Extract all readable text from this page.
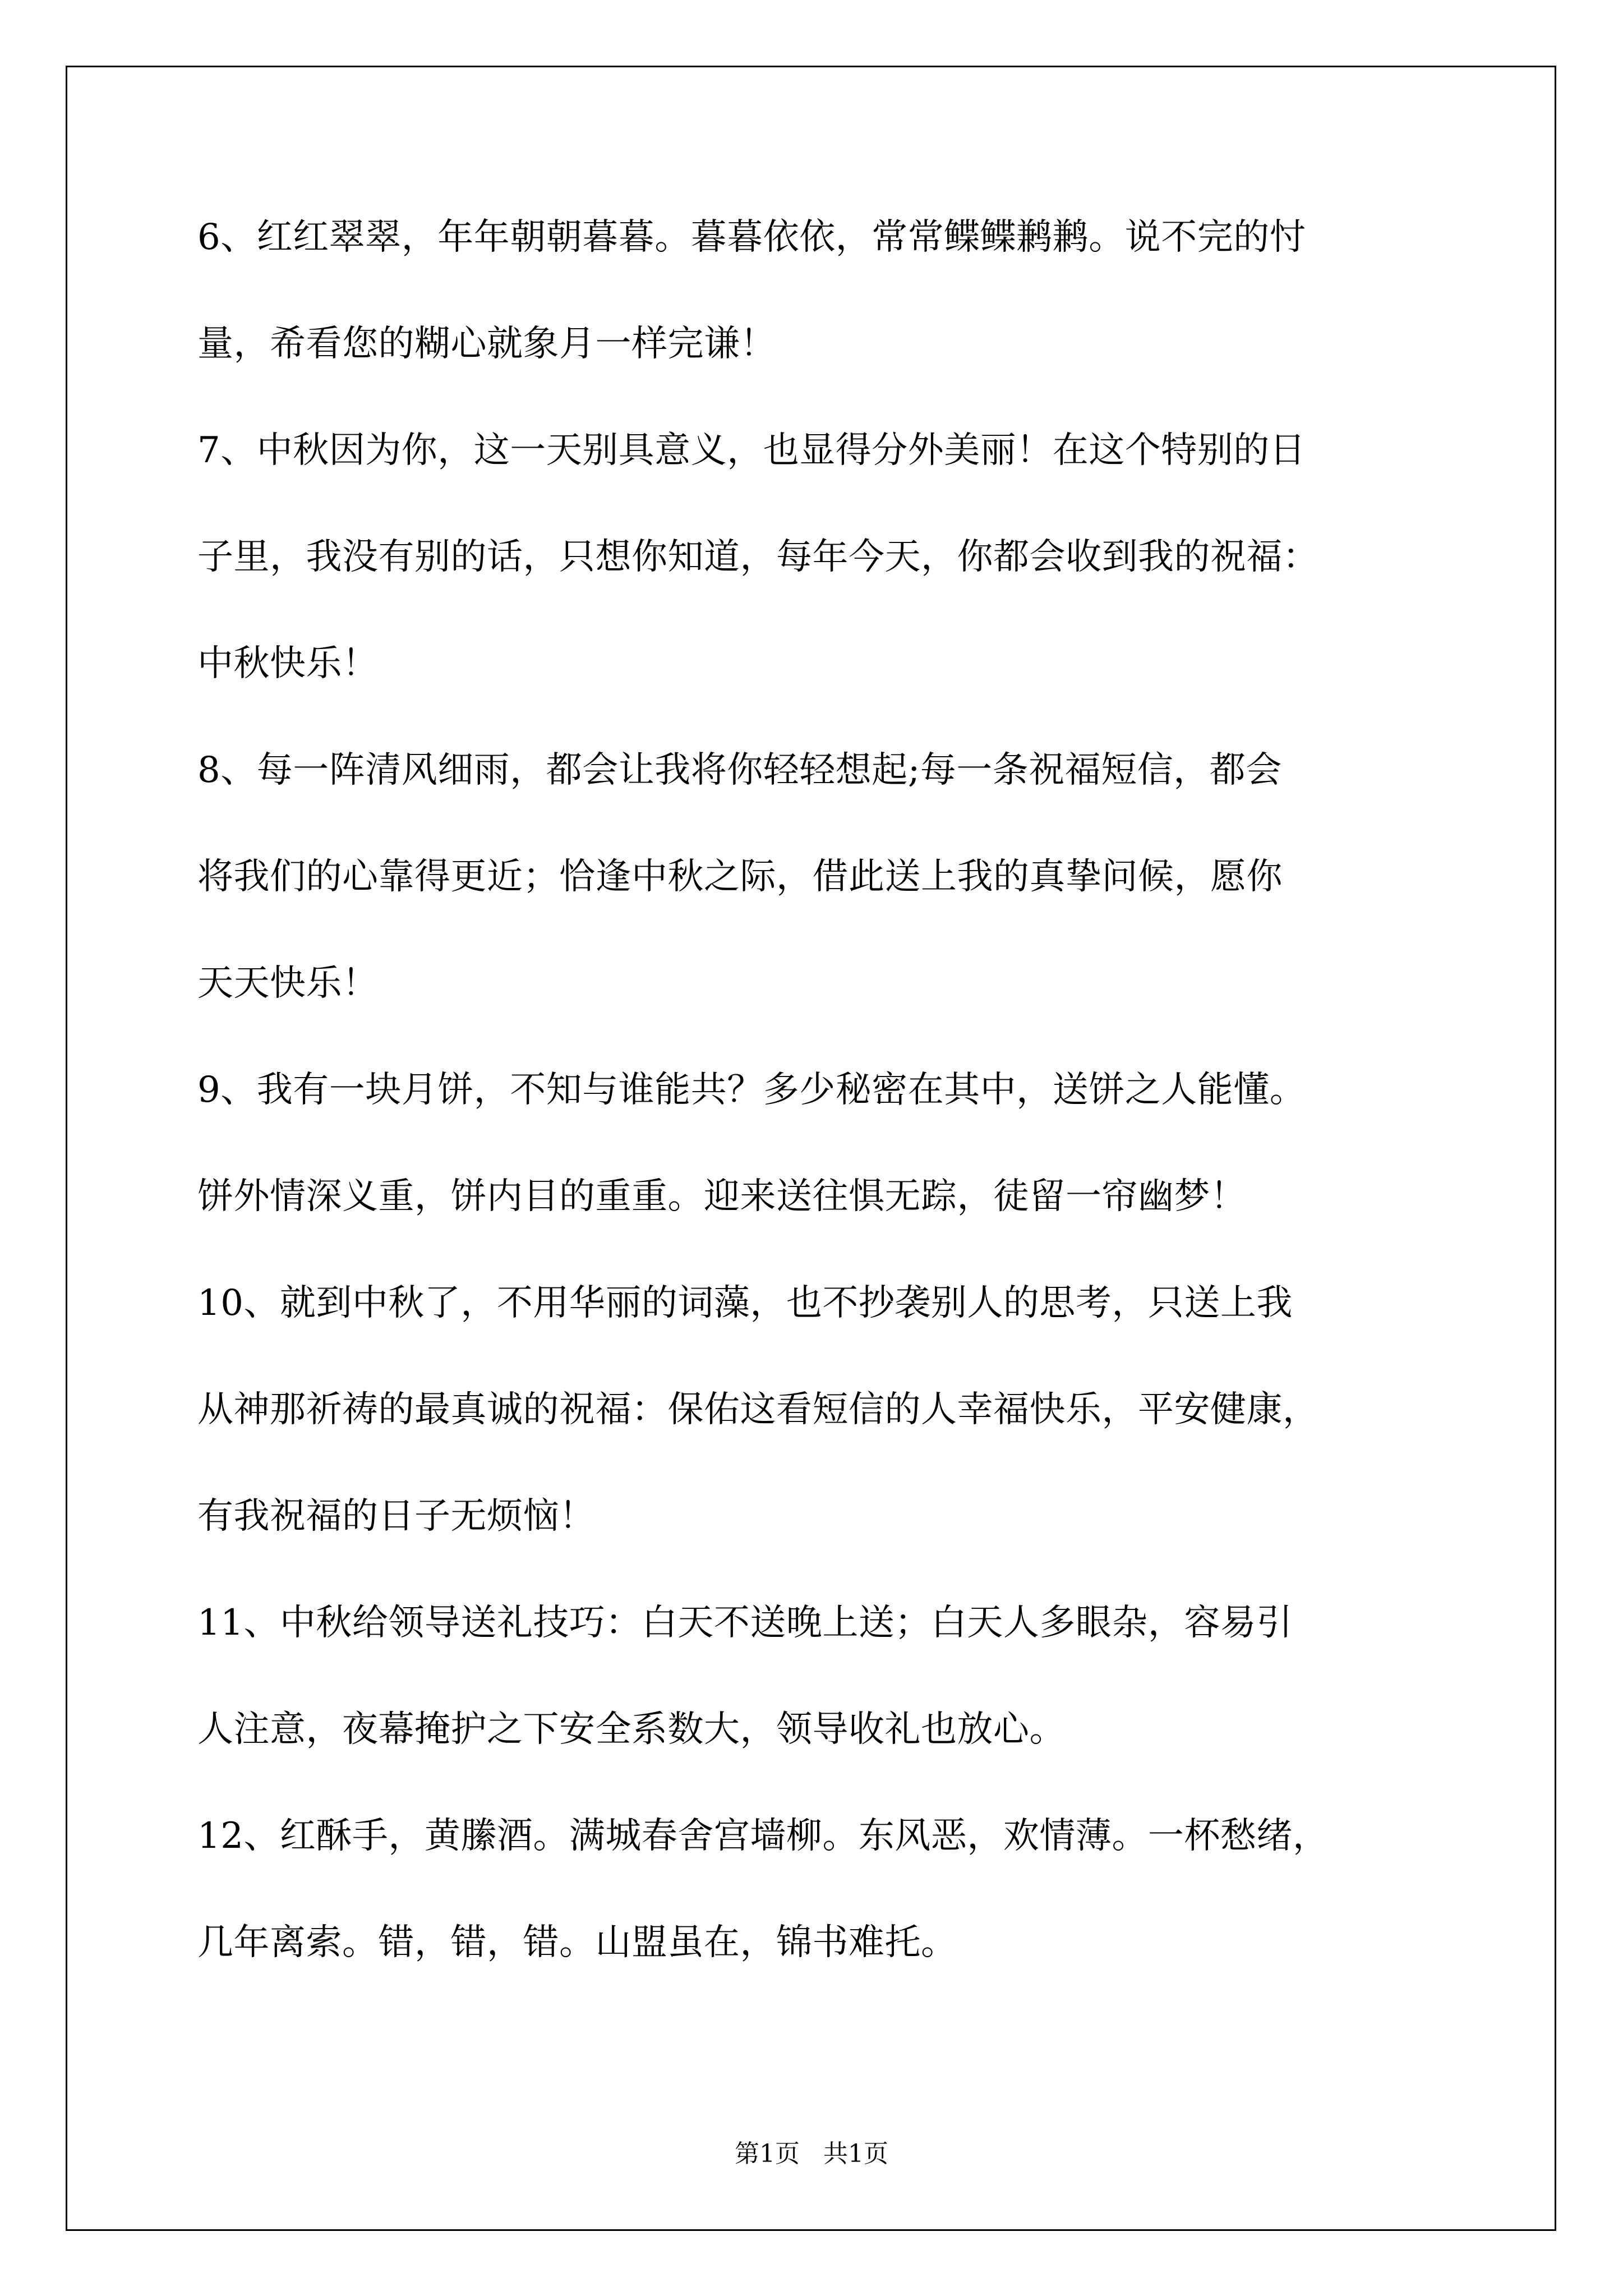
6、红红翠翠，年年朝朝暮暮。暮暮依依，常常鲽鲽鹣鹣。说不完的忖
量，希看您的糊心就象月一样完谦！
7、中秋因为你，这一天别具意义，也显得分外美丽！在这个特别的日
子里，我没有别的话，只想你知道，每年今天，你都会收到我的祝福：
中秋快乐！
8、每一阵清风细雨，都会让我将你轻轻想起;每一条祝福短信，都会
将我们的心靠得更近；恰逢中秋之际，借此送上我的真挚问候，愿你
天天快乐！
9、我有一块月饼，不知与谁能共？多少秘密在其中，送饼之人能懂。
饼外情深义重，饼内目的重重。迎来送往惧无踪，徒留一帘幽梦！
10、就到中秋了，不用华丽的词藻，也不抄袭别人的思考，只送上我
从神那祈祷的最真诚的祝福：保佑这看短信的人幸福快乐，平安健康，
有我祝福的日子无烦恼！
11、中秋给领导送礼技巧：白天不送晚上送；白天人多眼杂，容易引
人注意，夜幕掩护之下安全系数大，领导收礼也放心。
12、红酥手，黄縢酒。满城春舍宫墙柳。东风恶，欢情薄。一杯愁绪，
几年离索。错，错，错。山盟虽在，锦书难托。
第1页   共1页
